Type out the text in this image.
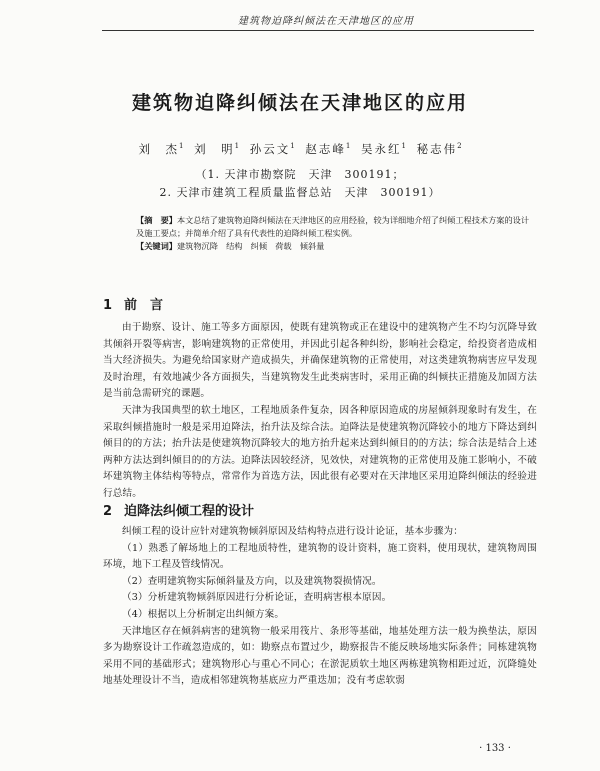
建筑物迫降纠倾法在天津地区的应用
建筑物迫降纠倾法在天津地区的应用
刘　杰$^1$ 刘　明$^1$ 孙云文$^1$ 赵志峰$^1$ 吴永红$^1$ 秘志伟$^2$
（1. 天津市勘察院　天津　300191；
2. 天津市建筑工程质量监督总站　天津　300191）

【摘　要】本文总结了建筑物迫降纠倾法在天津地区的应用经验，较为详细地介绍了纠倾工程技术方案的设计及施工要点；并简单介绍了具有代表性的迫降纠倾工程实例。

【关键词】建筑物沉降　结构　纠倾　荷载　倾斜量

1 前　言

由于勘察、设计、施工等多方面原因，使既有建筑物或正在建设中的建筑物产生不均匀沉降导致其倾斜开裂等病害，影响建筑物的正常使用，并因此引起各种纠纷，影响社会稳定，给投资者造成相当大经济损失。为避免给国家财产造成损失，并确保建筑物的正常使用，对这类建筑物病害应早发现及时治理，有效地减少各方面损失，当建筑物发生此类病害时，采用正确的纠倾扶正措施及加固方法是当前急需研究的课题。

天津为我国典型的软土地区，工程地质条件复杂，因各种原因造成的房屋倾斜现象时有发生，在采取纠倾措施时一般是采用迫降法，抬升法及综合法。迫降法是使建筑物沉降较小的地方下降达到纠倾目的的方法；抬升法是使建筑物沉降较大的地方抬升起来达到纠倾目的的方法；综合法是结合上述两种方法达到纠倾目的的方法。迫降法因较经济，见效快，对建筑物的正常使用及施工影响小，不破坏建筑物主体结构等特点，常常作为首选方法，因此很有必要对在天津地区采用迫降纠倾法的经验进行总结。

2 迫降法纠倾工程的设计

纠倾工程的设计应针对建筑物倾斜原因及结构特点进行设计论证，基本步骤为：

（1）熟悉了解场地上的工程地质特性，建筑物的设计资料，施工资料，使用现状，建筑物周围环境，地下工程及管线情况。

（2）查明建筑物实际倾斜量及方向，以及建筑物裂损情况。

（3）分析建筑物倾斜原因进行分析论证，查明病害根本原因。

（4）根据以上分析制定出纠倾方案。

天津地区存在倾斜病害的建筑物一般采用筏片、条形等基础，地基处理方法一般为换垫法，原因多为勘察设计工作疏忽造成的，如：勘察点布置过少，勘察报告不能反映场地实际条件；同栋建筑物采用不同的基础形式；建筑物形心与重心不同心；在淤泥质软土地区两栋建筑物相距过近，沉降缝处地基处理设计不当，造成相邻建筑物基底应力严重迭加；没有考虑软弱

· 133 ·
